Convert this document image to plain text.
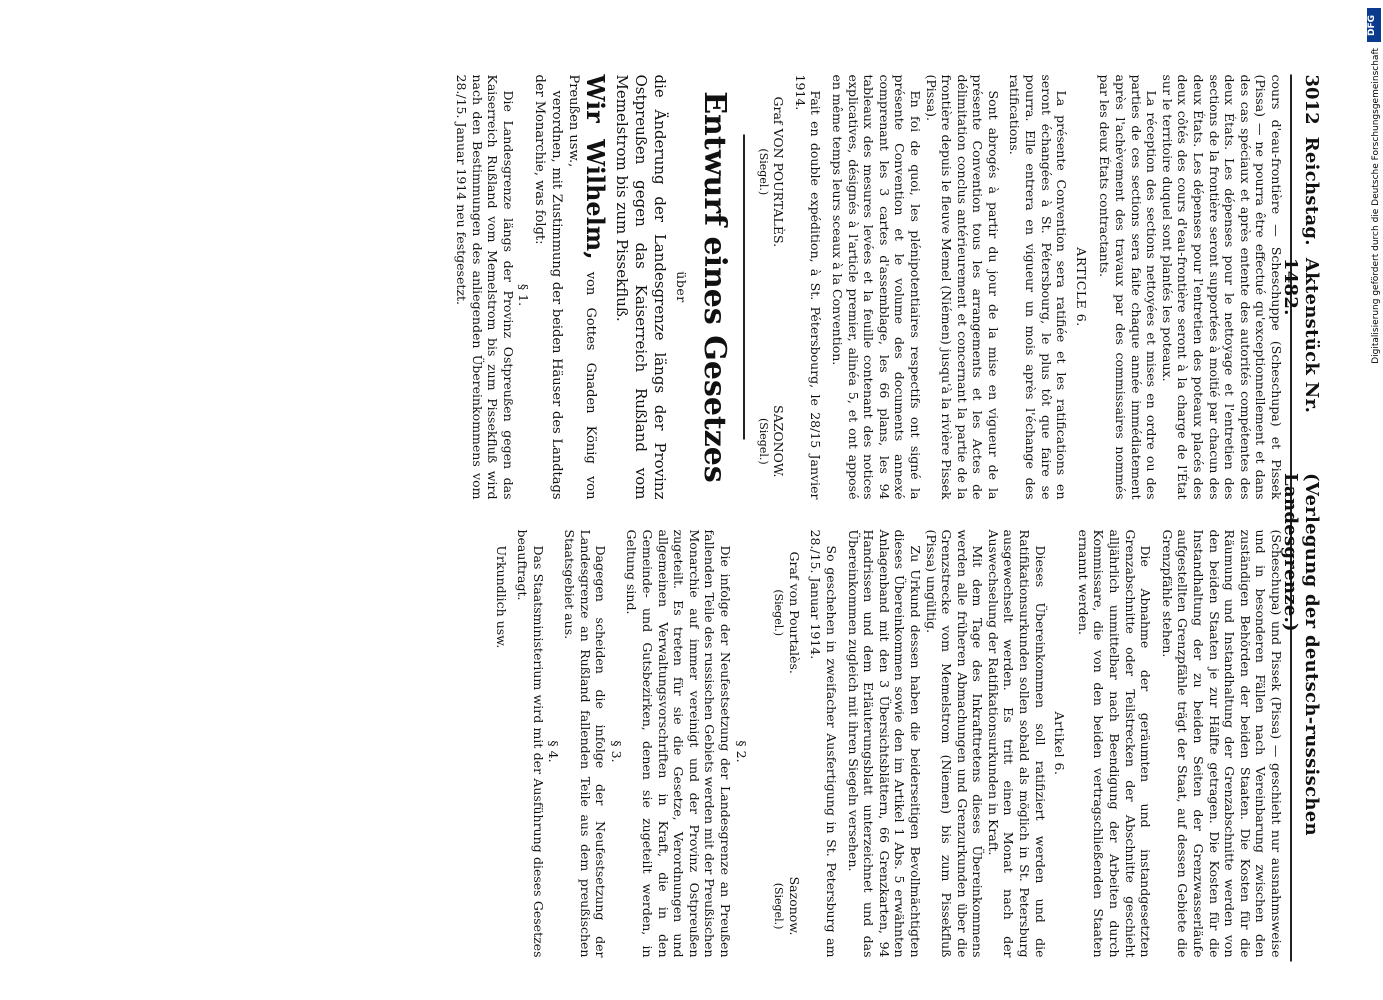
3012
Reichstag.
Aktenstück Nr. 1482.
(Verlegung der deutsch-russischen Landesgrenze.)

cours d'eau-frontière — Scheschuppe (Scheschupa) et Pissek (Pissa) — ne pourra être effectué qu'exceptionnellement et dans des cas spéciaux et après entente des autorités compétentes des deux États. Les dépenses pour le nettoyage et l'entretien des sections de la frontière seront supportées à moitié par chacun des deux États. Les dépenses pour l'entretien des poteaux placés des deux côtés des cours d'eau-frontière seront à la charge de l'État sur le territoire duquel sont plantés les poteaux.

La réception des sections nettoyées et mises en ordre ou des parties de ces sections sera faite chaque année immédiatement après l'achèvement des travaux par des commissaires nommés par les deux États contractants.

ARTICLE 6.

La présente Convention sera ratifiée et les ratifications en seront échangées à St. Pétersbourg, le plus tôt que faire se pourra. Elle entrera en vigueur un mois après l'échange des ratifications.

Sont abrogés à partir du jour de la mise en vigueur de la présente Convention tous les arrangements et les Actes de délimitation conclus antérieurement et concernant la partie de la frontière depuis le fleuve Memel (Niémen) jusqu'à la rivière Pissek (Pissa).

En foi de quoi, les plénipotentiaires respectifs ont signé la présente Convention et le volume des documents annexé comprenant les 3 cartes d'assemblage, les 66 plans, les 94 tableaux des mesures levées et la feuille contenant des notices explicatives, désignés à l'article premier, alinéa 5, et ont apposé en même temps leurs sceaux à la Convention.

Fait en double expédition, à St. Pétersbourg, le 28/15 Janvier 1914.

Graf VON POURTALÈS.
(Siegel.)
SAZONOW.
(Siegel.)
Entwurf eines Gesetzes

über

die Änderung der Landesgrenze längs der Provinz Ostpreußen gegen das Kaiserreich Rußland vom Memelstrom bis zum Pissekfluß.

Wir Wilhelm, von Gottes Gnaden König von Preußen usw.,

verordnen, mit Zustimmung der beiden Häuser des Landtags der Monarchie, was folgt:

§ 1.

Die Landesgrenze längs der Provinz Ostpreußen gegen das Kaiserreich Rußland vom Memelstrom bis zum Pissekfluß wird nach den Bestimmungen des anliegenden Übereinkommens vom 28./15. Januar 1914 neu festgesetzt.

(Scheschupa) und Pissek (Pissa) — geschieht nur ausnahmsweise und in besonderen Fällen nach Vereinbarung zwischen den zuständigen Behörden der beiden Staaten. Die Kosten für die Räumung und Instandhaltung der Grenzabschnitte werden von den beiden Staaten je zur Hälfte getragen. Die Kosten für die Instandhaltung der zu beiden Seiten der Grenzwasserläufe aufgestellten Grenzpfähle trägt der Staat, auf dessen Gebiete die Grenzpfähle stehen.

Die Abnahme der geräumten und instandgesetzten Grenzabschnitte oder Teilstrecken der Abschnitte geschieht alljährlich unmittelbar nach Beendigung der Arbeiten durch Kommissare, die von den beiden vertragschließenden Staaten ernannt werden.

Artikel 6.

Dieses Übereinkommen soll ratifiziert werden und die Ratifikationsurkunden sollen sobald als möglich in St. Petersburg ausgewechselt werden. Es tritt einen Monat nach der Auswechselung der Ratifikationsurkunden in Kraft.

Mit dem Tage des Inkrafttretens dieses Übereinkommens werden alle früheren Abmachungen und Grenzurkunden über die Grenzstrecke vom Memelstrom (Niemen) bis zum Pissekfluß (Pissa) ungültig.

Zu Urkund dessen haben die beiderseitigen Bevollmächtigten dieses Übereinkommen sowie den im Artikel 1 Abs. 5 erwähnten Anlagenband mit den 3 Übersichtsblättern, 66 Grenzkarten, 94 Handrissen und dem Erläuterungsblatt unterzeichnet und das Übereinkommen zugleich mit ihren Siegeln versehen.

So geschehen in zweifacher Ausfertigung in St. Petersburg am 28./15. Januar 1914.

Graf von Pourtalès.
(Siegel.)
Sazonow.
(Siegel.)

§ 2.

Die infolge der Neufestsetzung der Landesgrenze an Preußen fallenden Teile des russischen Gebiets werden mit der Preußischen Monarchie auf immer vereinigt und der Provinz Ostpreußen zugeteilt. Es treten für sie die Gesetze, Verordnungen und allgemeinen Verwaltungsvorschriften in Kraft, die in den Gemeinde- und Gutsbezirken, denen sie zugeteilt werden, in Geltung sind.

§ 3.

Dagegen scheiden die infolge der Neufestsetzung der Landesgrenze an Rußland fallenden Teile aus dem preußischen Staatsgebiet aus.

§ 4.

Das Staatsministerium wird mit der Ausführung dieses Gesetzes beauftragt.

Urkundlich usw.

DFG
Digitalisierung gefördert durch die Deutsche Forschungsgemeinschaft
